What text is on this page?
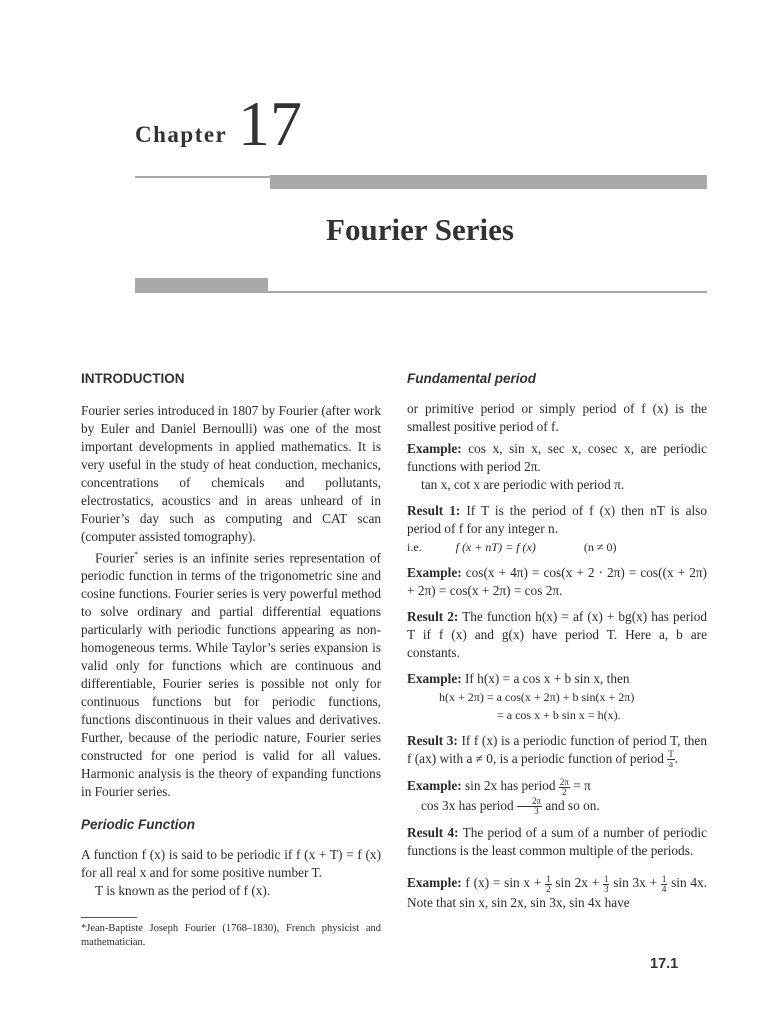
Chapter 17
Fourier Series
INTRODUCTION

Fourier series introduced in 1807 by Fourier (after work by Euler and Daniel Bernoulli) was one of the most important developments in applied mathematics. It is very useful in the study of heat conduction, mechanics, concentrations of chemicals and pollutants, electrostatics, acoustics and in areas unheard of in Fourier’s day such as computing and CAT scan (computer assisted tomography).

Fourier* series is an infinite series representation of periodic function in terms of the trigonometric sine and cosine functions. Fourier series is very powerful method to solve ordinary and partial differential equations particularly with periodic functions appearing as non-homogeneous terms. While Taylor’s series expansion is valid only for functions which are continuous and differentiable, Fourier series is possible not only for continuous functions but for periodic functions, functions discontinuous in their values and derivatives. Further, because of the periodic nature, Fourier series constructed for one period is valid for all values. Harmonic analysis is the theory of expanding functions in Fourier series.

Periodic Function

A function f (x) is said to be periodic if f (x + T) = f (x) for all real x and for some positive number T.

T is known as the period of f (x).

*Jean-Baptiste Joseph Fourier (1768–1830), French physicist and mathematician.
Fundamental period

or primitive period or simply period of f (x) is the smallest positive period of f.

Example: cos x, sin x, sec x, cosec x, are periodic functions with period 2π.

tan x, cot x are periodic with period π.

Result 1: If T is the period of f (x) then nT is also period of f for any integer n.

i.e.	f (x + nT) = f (x)	(n ≠ 0)

Example: cos(x + 4π) = cos(x + 2 · 2π) = cos((x + 2π) + 2π) = cos(x + 2π) = cos 2π.

Result 2: The function h(x) = af (x) + bg(x) has period T if f (x) and g(x) have period T. Here a, b are constants.

Example: If h(x) = a cos x + b sin x, then

h(x + 2π) = a cos(x + 2π) + b sin(x + 2π)

= a cos x + b sin x = h(x).

Result 3: If f (x) is a periodic function of period T, then f (ax) with a ≠ 0, is a periodic function of period $\frac{T}{a}$ .

Example: sin 2x has period $\frac{2\pi}{2} = \pi$

cos 3x has period $\frac{2\pi}{3}$ and so on.

Result 4: The period of a sum of a number of periodic functions is the least common multiple of the periods.

Example: f $(x) = \sin x + \frac{1}{2}$ $\sin 2x + \frac{1}{3}$ $\sin 3x + \frac{1}{4}$ sin 4x. Note that sin x, sin 2x, sin 3x, sin 4x have

17.1
